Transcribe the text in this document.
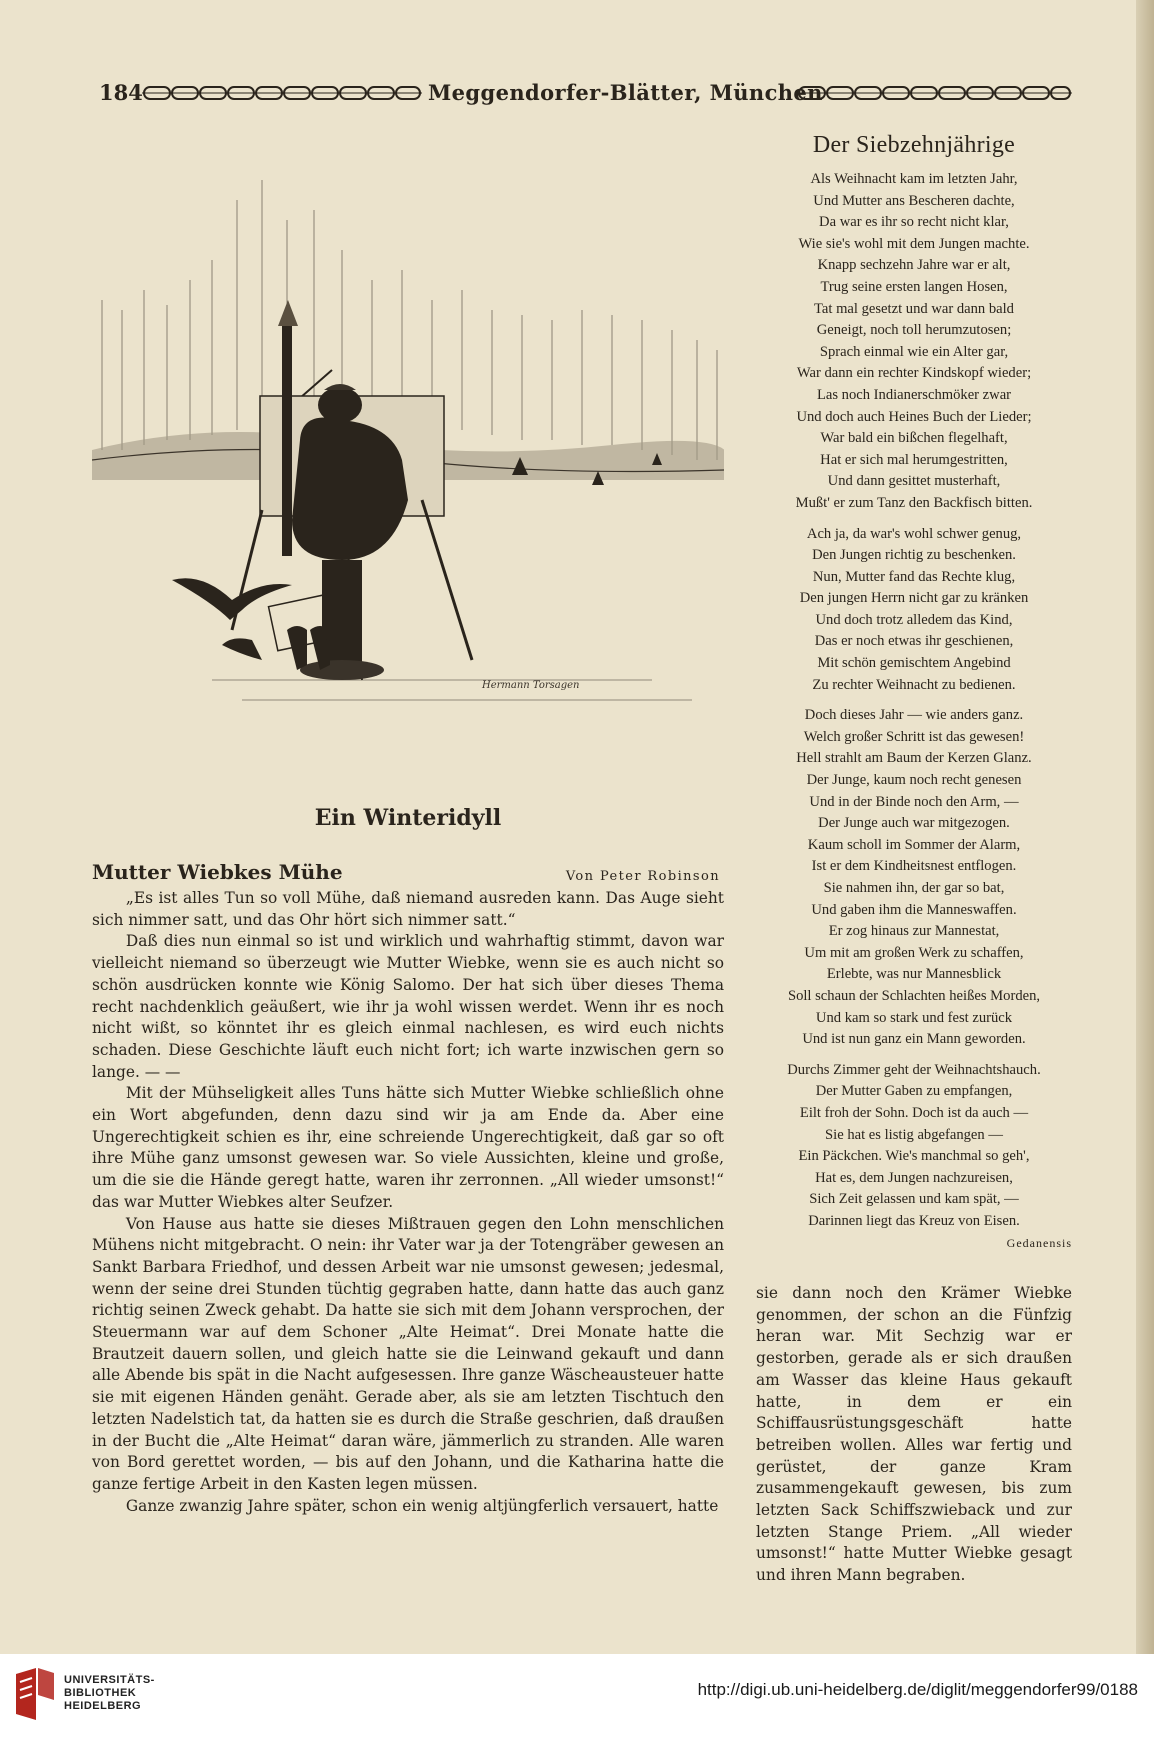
184	Meggendorfer-Blätter, München
Hermann Torsagen
Ein Winteridyll
Mutter Wiebkes Mühe	Von Peter Robinson

„Es ist alles Tun so voll Mühe, daß niemand ausreden kann. Das Auge sieht sich nimmer satt, und das Ohr hört sich nimmer satt.“

Daß dies nun einmal so ist und wirklich und wahrhaftig stimmt, davon war vielleicht niemand so überzeugt wie Mutter Wiebke, wenn sie es auch nicht so schön ausdrücken konnte wie König Salomo. Der hat sich über dieses Thema recht nachdenklich geäußert, wie ihr ja wohl wissen werdet. Wenn ihr es noch nicht wißt, so könntet ihr es gleich einmal nachlesen, es wird euch nichts schaden. Diese Geschichte läuft euch nicht fort; ich warte inzwischen gern so lange. — —

Mit der Mühseligkeit alles Tuns hätte sich Mutter Wiebke schließlich ohne ein Wort abgefunden, denn dazu sind wir ja am Ende da. Aber eine Ungerechtigkeit schien es ihr, eine schreiende Ungerechtigkeit, daß gar so oft ihre Mühe ganz umsonst gewesen war. So viele Aussichten, kleine und große, um die sie die Hände geregt hatte, waren ihr zerronnen. „All wieder umsonst!“ das war Mutter Wiebkes alter Seufzer.

Von Hause aus hatte sie dieses Mißtrauen gegen den Lohn menschlichen Mühens nicht mitgebracht. O nein: ihr Vater war ja der Totengräber gewesen an Sankt Barbara Friedhof, und dessen Arbeit war nie umsonst gewesen; jedesmal, wenn der seine drei Stunden tüchtig gegraben hatte, dann hatte das auch ganz richtig seinen Zweck gehabt. Da hatte sie sich mit dem Johann versprochen, der Steuermann war auf dem Schoner „Alte Heimat“. Drei Monate hatte die Brautzeit dauern sollen, und gleich hatte sie die Leinwand gekauft und dann alle Abende bis spät in die Nacht aufgesessen. Ihre ganze Wäscheausteuer hatte sie mit eigenen Händen genäht. Gerade aber, als sie am letzten Tischtuch den letzten Nadelstich tat, da hatten sie es durch die Straße geschrien, daß draußen in der Bucht die „Alte Heimat“ daran wäre, jämmerlich zu stranden. Alle waren von Bord gerettet worden, — bis auf den Johann, und die Katharina hatte die ganze fertige Arbeit in den Kasten legen müssen.

Ganze zwanzig Jahre später, schon ein wenig altjüngferlich versauert, hatte

Der Siebzehnjährige
Als Weihnacht kam im letzten Jahr,
Und Mutter ans Bescheren dachte,
Da war es ihr so recht nicht klar,
Wie sie's wohl mit dem Jungen machte.
Knapp sechzehn Jahre war er alt,
Trug seine ersten langen Hosen,
Tat mal gesetzt und war dann bald
Geneigt, noch toll herumzutosen;
Sprach einmal wie ein Alter gar,
War dann ein rechter Kindskopf wieder;
Las noch Indianerschmöker zwar
Und doch auch Heines Buch der Lieder;
War bald ein bißchen flegelhaft,
Hat er sich mal herumgestritten,
Und dann gesittet musterhaft,
Mußt' er zum Tanz den Backfisch bitten.
Ach ja, da war's wohl schwer genug,
Den Jungen richtig zu beschenken.
Nun, Mutter fand das Rechte klug,
Den jungen Herrn nicht gar zu kränken
Und doch trotz alledem das Kind,
Das er noch etwas ihr geschienen,
Mit schön gemischtem Angebind
Zu rechter Weihnacht zu bedienen.
Doch dieses Jahr — wie anders ganz.
Welch großer Schritt ist das gewesen!
Hell strahlt am Baum der Kerzen Glanz.
Der Junge, kaum noch recht genesen
Und in der Binde noch den Arm, —
Der Junge auch war mitgezogen.
Kaum scholl im Sommer der Alarm,
Ist er dem Kindheitsnest entflogen.
Sie nahmen ihn, der gar so bat,
Und gaben ihm die Manneswaffen.
Er zog hinaus zur Mannestat,
Um mit am großen Werk zu schaffen,
Erlebte, was nur Mannesblick
Soll schaun der Schlachten heißes Morden,
Und kam so stark und fest zurück
Und ist nun ganz ein Mann geworden.
Durchs Zimmer geht der Weihnachtshauch.
Der Mutter Gaben zu empfangen,
Eilt froh der Sohn. Doch ist da auch —
Sie hat es listig abgefangen —
Ein Päckchen. Wie's manchmal so geh',
Hat es, dem Jungen nachzureisen,
Sich Zeit gelassen und kam spät, —
Darinnen liegt das Kreuz von Eisen.
Gedanensis
sie dann noch den Krämer Wiebke genommen, der schon an die Fünfzig heran war. Mit Sechzig war er gestorben, gerade als er sich draußen am Wasser das kleine Haus gekauft hatte, in dem er ein Schiffausrüstungsgeschäft hatte betreiben wollen. Alles war fertig und gerüstet, der ganze Kram zusammengekauft gewesen, bis zum letzten Sack Schiffszwieback und zur letzten Stange Priem. „All wieder umsonst!“ hatte Mutter Wiebke gesagt und ihren Mann begraben.
UNIVERSITÄTS-
BIBLIOTHEK
HEIDELBERG
http://digi.ub.uni-heidelberg.de/diglit/meggendorfer99/0188
